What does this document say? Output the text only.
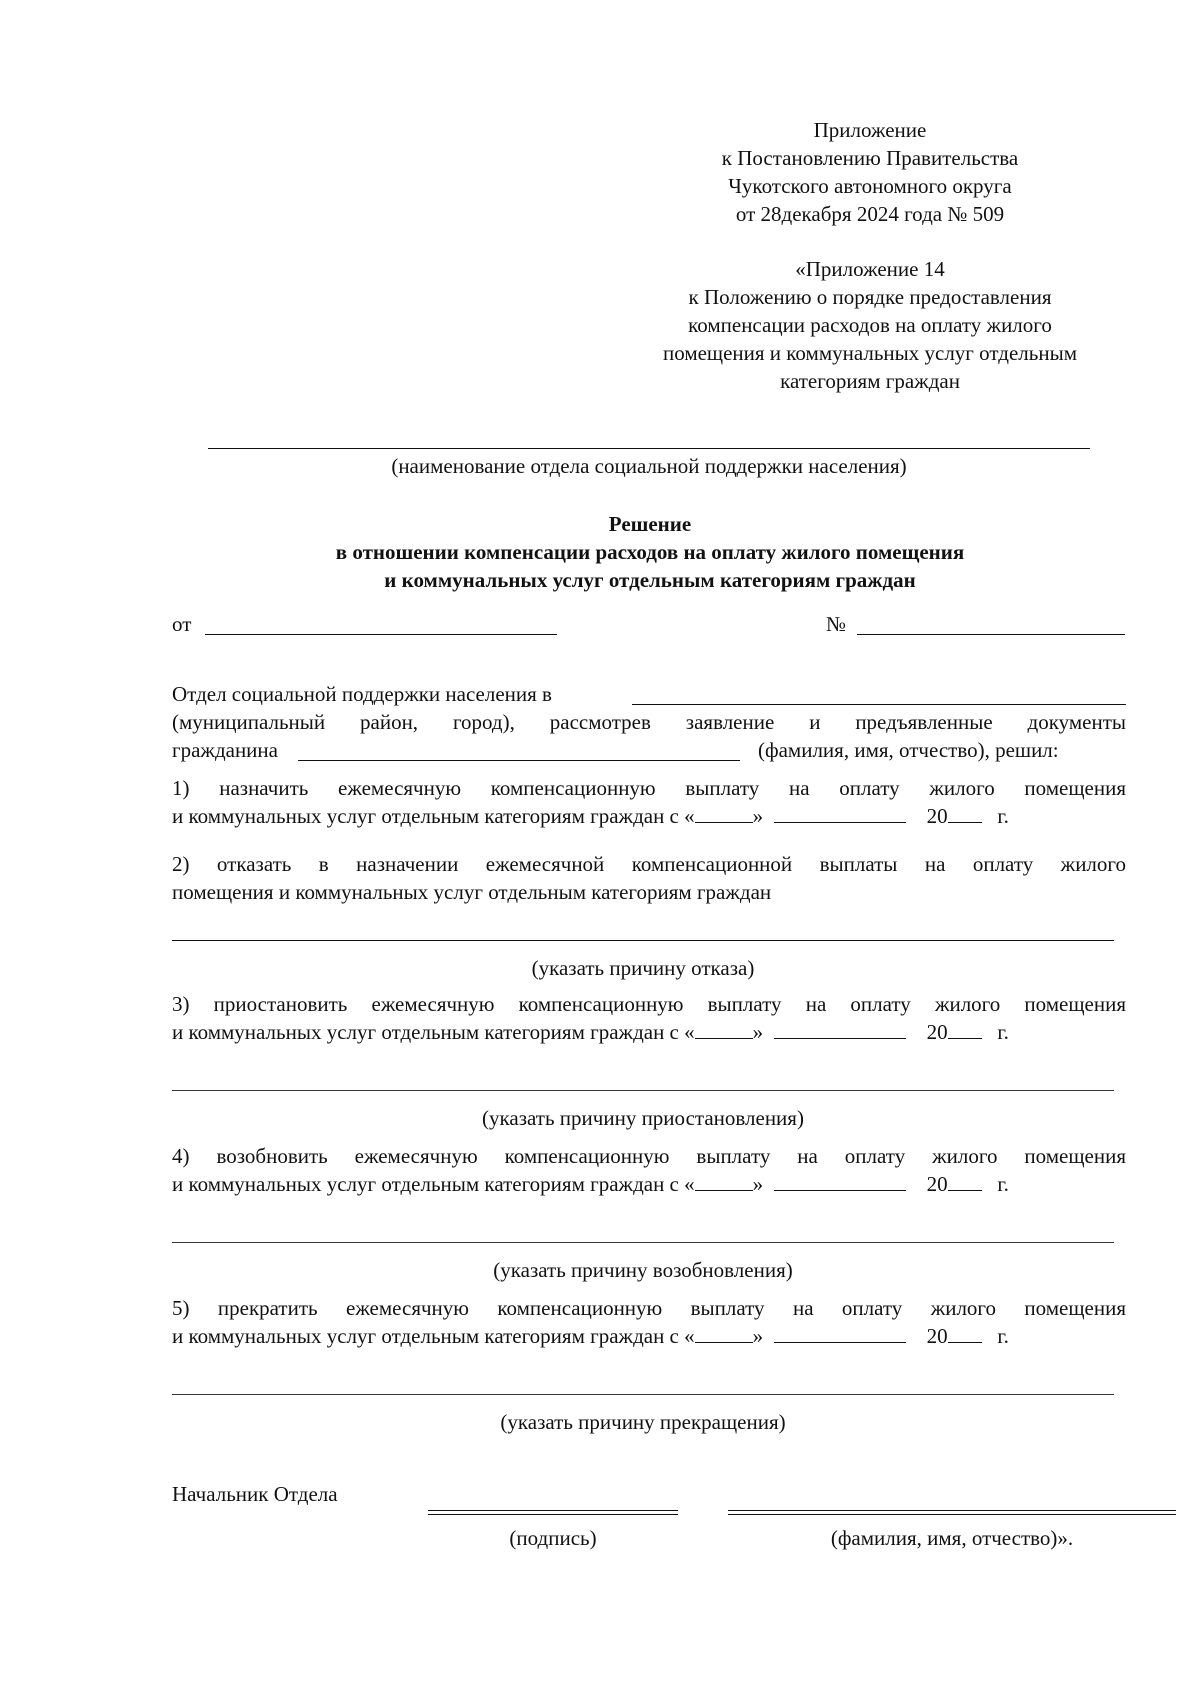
Приложение
к Постановлению Правительства
Чукотского автономного округа
от 28декабря 2024 года № 509
«Приложение 14
к Положению о порядке предоставления
компенсации расходов на оплату жилого
помещения и коммунальных услуг отдельным
категориям граждан
(наименование отдела социальной поддержки населения)
Решение
в отношении компенсации расходов на оплату жилого помещения
и коммунальных услуг отдельным категориям граждан
от	№
Отдел социальной поддержки населения в
(муниципальный район, город), рассмотрев заявление и предъявленные документы
гражданина	(фамилия, имя, отчество), решил:
1) назначить ежемесячную компенсационную выплату на оплату жилого помещения
и коммунальных услуг отдельным категориям граждан с «	»	20 г.
2) отказать в назначении ежемесячной компенсационной выплаты на оплату жилого
помещения и коммунальных услуг отдельным категориям граждан
(указать причину отказа)
3) приостановить ежемесячную компенсационную выплату на оплату жилого помещения
и коммунальных услуг отдельным категориям граждан с «	»	20 г.
(указать причину приостановления)
4) возобновить ежемесячную компенсационную выплату на оплату жилого помещения
и коммунальных услуг отдельным категориям граждан с «	»	20 г.
(указать причину возобновления)
5) прекратить ежемесячную компенсационную выплату на оплату жилого помещения
и коммунальных услуг отдельным категориям граждан с «	»	20 г.
(указать причину прекращения)
Начальник Отдела
(подпись)	(фамилия, имя, отчество)».
